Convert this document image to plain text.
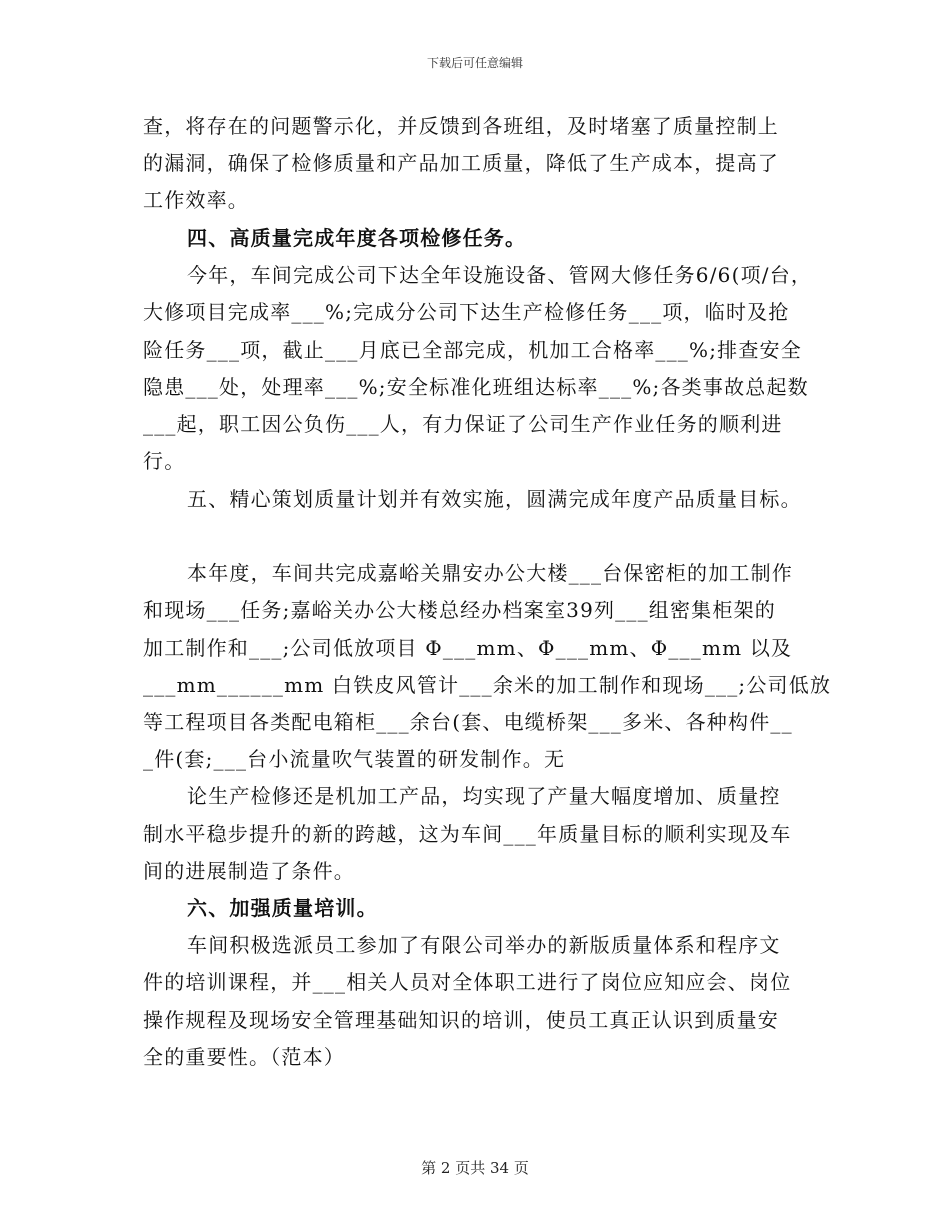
下载后可任意编辑
查，将存在的问题警示化，并反馈到各班组，及时堵塞了质量控制上
的漏洞，确保了检修质量和产品加工质量，降低了生产成本，提高了
工作效率。
四、高质量完成年度各项检修任务。
今年，车间完成公司下达全年设施设备、管网大修任务6/6(项/台，
大修项目完成率___%;完成分公司下达生产检修任务___项，临时及抢
险任务___项，截止___月底已全部完成，机加工合格率___%;排查安全
隐患___处，处理率___%;安全标准化班组达标率___%;各类事故总起数
___起，职工因公负伤___人，有力保证了公司生产作业任务的顺利进
行。
五、精心策划质量计划并有效实施，圆满完成年度产品质量目标。
本年度，车间共完成嘉峪关鼎安办公大楼___台保密柜的加工制作
和现场___任务;嘉峪关办公大楼总经办档案室39列___组密集柜架的
加工制作和___;公司低放项目 Φ___mm、Φ___mm、Φ___mm 以及
___mm______mm 白铁皮风管计___余米的加工制作和现场___;公司低放
等工程项目各类配电箱柜___余台(套、电缆桥架___多米、各种构件__
_件(套;___台小流量吹气装置的研发制作。无
论生产检修还是机加工产品，均实现了产量大幅度增加、质量控
制水平稳步提升的新的跨越，这为车间___年质量目标的顺利实现及车
间的进展制造了条件。
六、加强质量培训。
车间积极选派员工参加了有限公司举办的新版质量体系和程序文
件的培训课程，并___相关人员对全体职工进行了岗位应知应会、岗位
操作规程及现场安全管理基础知识的培训，使员工真正认识到质量安
全的重要性。（范本）
第 2 页共 34 页
